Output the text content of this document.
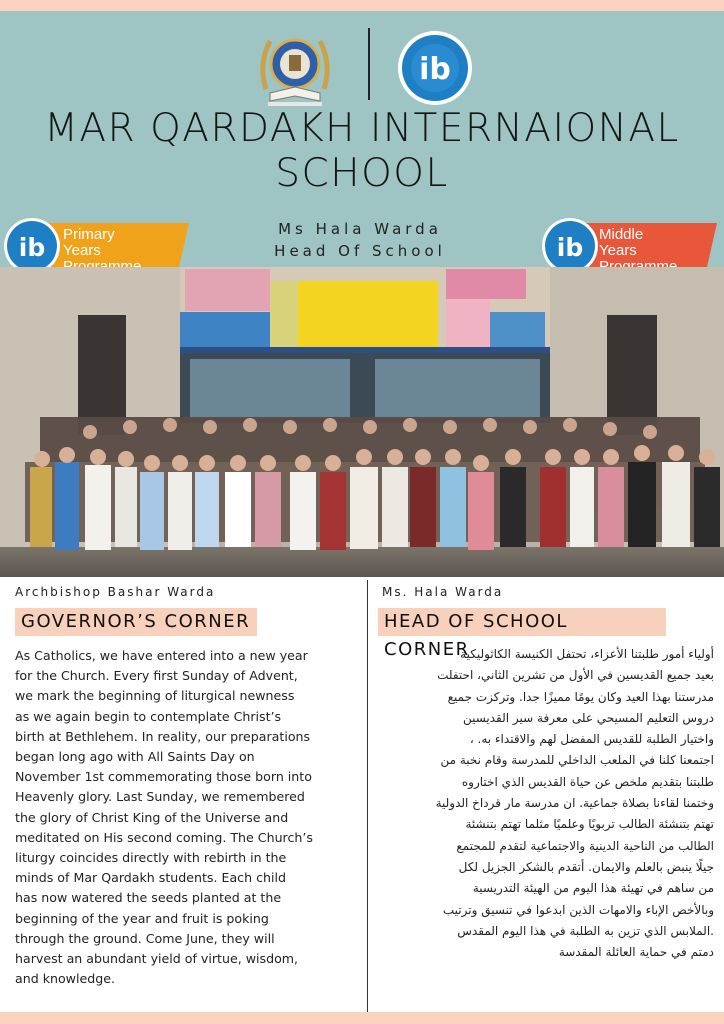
ib
MAR QARDAKH INTERNAIONAL
SCHOOL
Ms Hala Warda
Head Of School
ib Primary Years	ib Middle Years
Archbishop Bashar Warda
GOVERNOR’S CORNER
As Catholics, we have entered into a new year
for the Church. Every first Sunday of Advent,
we mark the beginning of liturgical newness
as we again begin to contemplate Christ’s
birth at Bethlehem. In reality, our preparations
began long ago with All Saints Day on
November 1st commemorating those born into
Heavenly glory. Last Sunday, we remembered
the glory of Christ King of the Universe and
meditated on His second coming. The Church’s
liturgy coincides directly with rebirth in the
minds of Mar Qardakh students. Each child
has now watered the seeds planted at the
beginning of the year and fruit is poking
through the ground. Come June, they will
harvest an abundant yield of virtue, wisdom,
and knowledge.
Ms. Hala Warda
HEAD OF SCHOOL CORNER
أولياء أمور طلبتنا الأعزاء، تحتفل الكنيسة الكاثوليكية
بعيد جميع القديسين في الأول من تشرين الثاني، احتفلت
مدرستنا بهذا العيد وكان يومًا مميزًا جدا. وتركزت جميع
دروس التعليم المسيحي على معرفة سير القديسين
واختيار الطلبة للقديس المفضل لهم والاقتداء به. ،
اجتمعنا كلنا في الملعب الداخلي للمدرسة وقام نخبة من
طلبتنا بتقديم ملخص عن حياة القديس الذي اختاروه
وختمنا لقاءنا بصلاة جماعية. ان مدرسة مار قرداخ الدولية
تهتم بتنشئة الطالب تربويًا وعلميًا مثلما تهتم بتنشئة
الطالب من الناحية الدينية والاجتماعية لتقدم للمجتمع
جيلًا ينبض بالعلم والايمان. أتقدم بالشكر الجزيل لكل
من ساهم في تهيئة هذا اليوم من الهيئة التدريسية
وبالأخص الإباء والامهات الذين ابدعوا في تنسيق وترتيب
.الملابس الذي تزين به الطلبة في هذا اليوم المقدس
دمتم في حماية العائلة المقدسة
